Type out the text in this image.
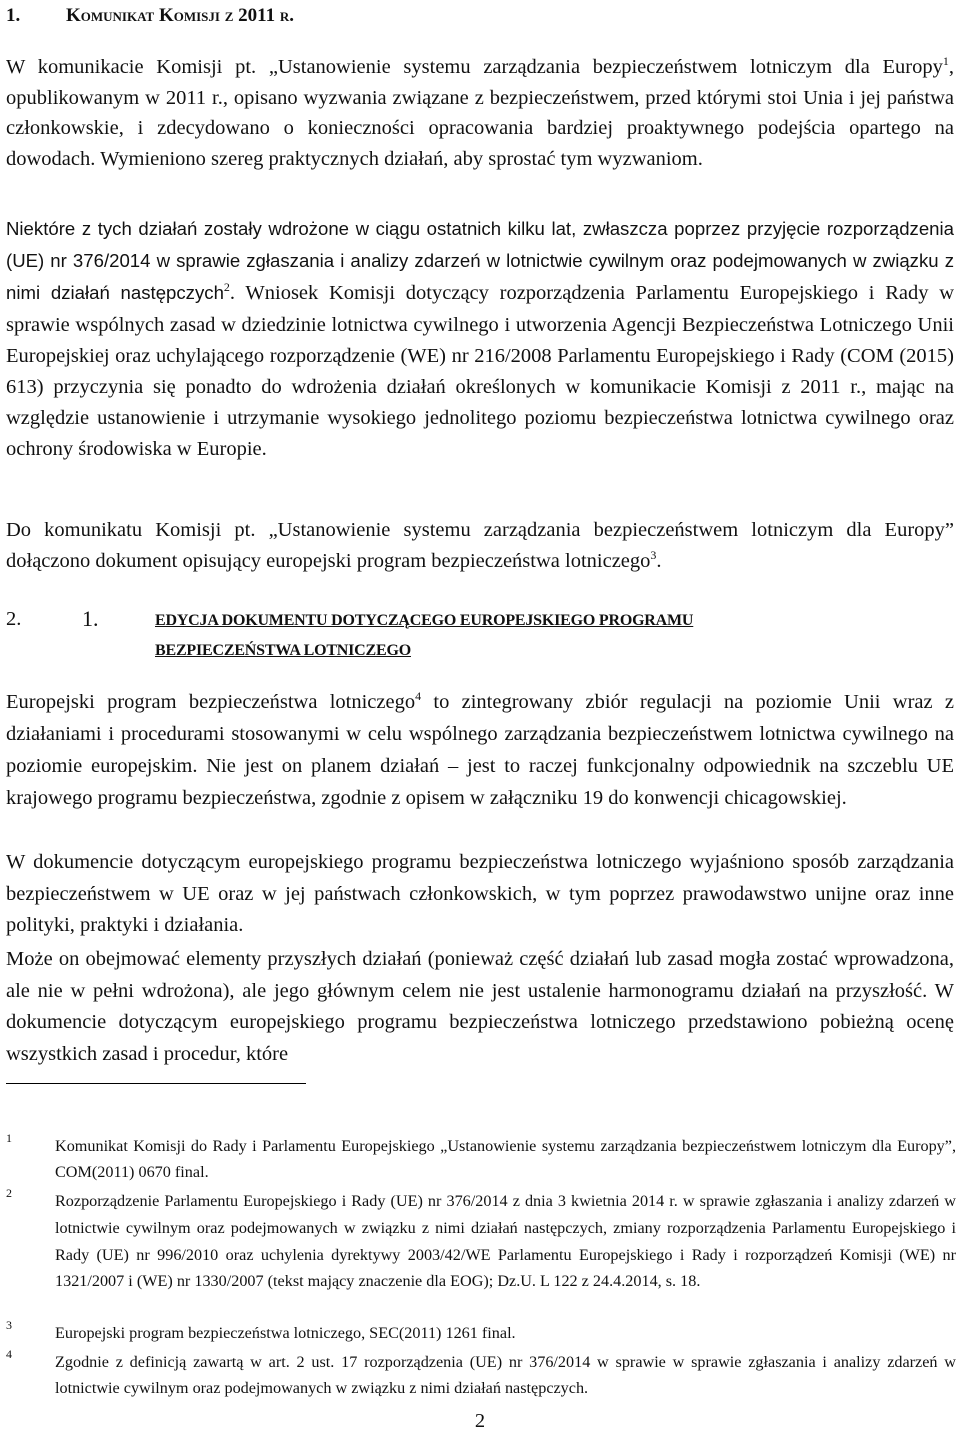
1. Komunikat Komisji z 2011 r.

W komunikacie Komisji pt. „Ustanowienie systemu zarządzania bezpieczeństwem lotniczym dla Europy$^1$, opublikowanym w 2011 r., opisano wyzwania związane z bezpieczeństwem, przed którymi stoi Unia i jej państwa członkowskie, i zdecydowano o konieczności opracowania bardziej proaktywnego podejścia opartego na dowodach. Wymieniono szereg praktycznych działań, aby sprostać tym wyzwaniom.

Niektóre z tych działań zostały wdrożone w ciągu ostatnich kilku lat, zwłaszcza poprzez przyjęcie rozporządzenia (UE) nr 376/2014 w sprawie zgłaszania i analizy zdarzeń w lotnictwie cywilnym oraz podejmowanych w związku z nimi działań następczych$^2$. Wniosek Komisji dotyczący rozporządzenia Parlamentu Europejskiego i Rady w sprawie wspólnych zasad w dziedzinie lotnictwa cywilnego i utworzenia Agencji Bezpieczeństwa Lotniczego Unii Europejskiej oraz uchylającego rozporządzenie (WE) nr 216/2008 Parlamentu Europejskiego i Rady (COM (2015) 613) przyczynia się ponadto do wdrożenia działań określonych w komunikacie Komisji z 2011 r., mając na względzie ustanowienie i utrzymanie wysokiego jednolitego poziomu bezpieczeństwa lotnictwa cywilnego oraz ochrony środowiska w Europie.

Do komunikatu Komisji pt. „Ustanowienie systemu zarządzania bezpieczeństwem lotniczym dla Europy” dołączono dokument opisujący europejski program bezpieczeństwa lotniczego$^3$.

2.	1.	EDYCJA DOKUMENTU DOTYCZĄCEGO EUROPEJSKIEGO PROGRAMU
BEZPIECZEŃSTWA LOTNICZEGO

Europejski program bezpieczeństwa lotniczego$^4$ to zintegrowany zbiór regulacji na poziomie Unii wraz z działaniami i procedurami stosowanymi w celu wspólnego zarządzania bezpieczeństwem lotnictwa cywilnego na poziomie europejskim. Nie jest on planem działań – jest to raczej funkcjonalny odpowiednik na szczeblu UE krajowego programu bezpieczeństwa, zgodnie z opisem w załączniku 19 do konwencji chicagowskiej.

W dokumencie dotyczącym europejskiego programu bezpieczeństwa lotniczego wyjaśniono sposób zarządzania bezpieczeństwem w UE oraz w jej państwach członkowskich, w tym poprzez prawodawstwo unijne oraz inne polityki, praktyki i działania.

Może on obejmować elementy przyszłych działań (ponieważ część działań lub zasad mogła zostać wprowadzona, ale nie w pełni wdrożona), ale jego głównym celem nie jest ustalenie harmonogramu działań na przyszłość. W dokumencie dotyczącym europejskiego programu bezpieczeństwa lotniczego przedstawiono pobieżną ocenę wszystkich zasad i procedur, które

1	Komunikat Komisji do Rady i Parlamentu Europejskiego „Ustanowienie systemu zarządzania bezpieczeństwem lotniczym dla Europy”, COM(2011) 0670 final.
2	Rozporządzenie Parlamentu Europejskiego i Rady (UE) nr 376/2014 z dnia 3 kwietnia 2014 r. w sprawie zgłaszania i analizy zdarzeń w lotnictwie cywilnym oraz podejmowanych w związku z nimi działań następczych, zmiany rozporządzenia Parlamentu Europejskiego i Rady (UE) nr 996/2010 oraz uchylenia dyrektywy 2003/42/WE Parlamentu Europejskiego i Rady i rozporządzeń Komisji (WE) nr 1321/2007 i (WE) nr 1330/2007 (tekst mający znaczenie dla EOG); Dz.U. L 122 z 24.4.2014, s. 18.
3	Europejski program bezpieczeństwa lotniczego, SEC(2011) 1261 final.
4	Zgodnie z definicją zawartą w art. 2 ust. 17 rozporządzenia (UE) nr 376/2014 w sprawie w sprawie zgłaszania i analizy zdarzeń w lotnictwie cywilnym oraz podejmowanych w związku z nimi działań następczych.
2
